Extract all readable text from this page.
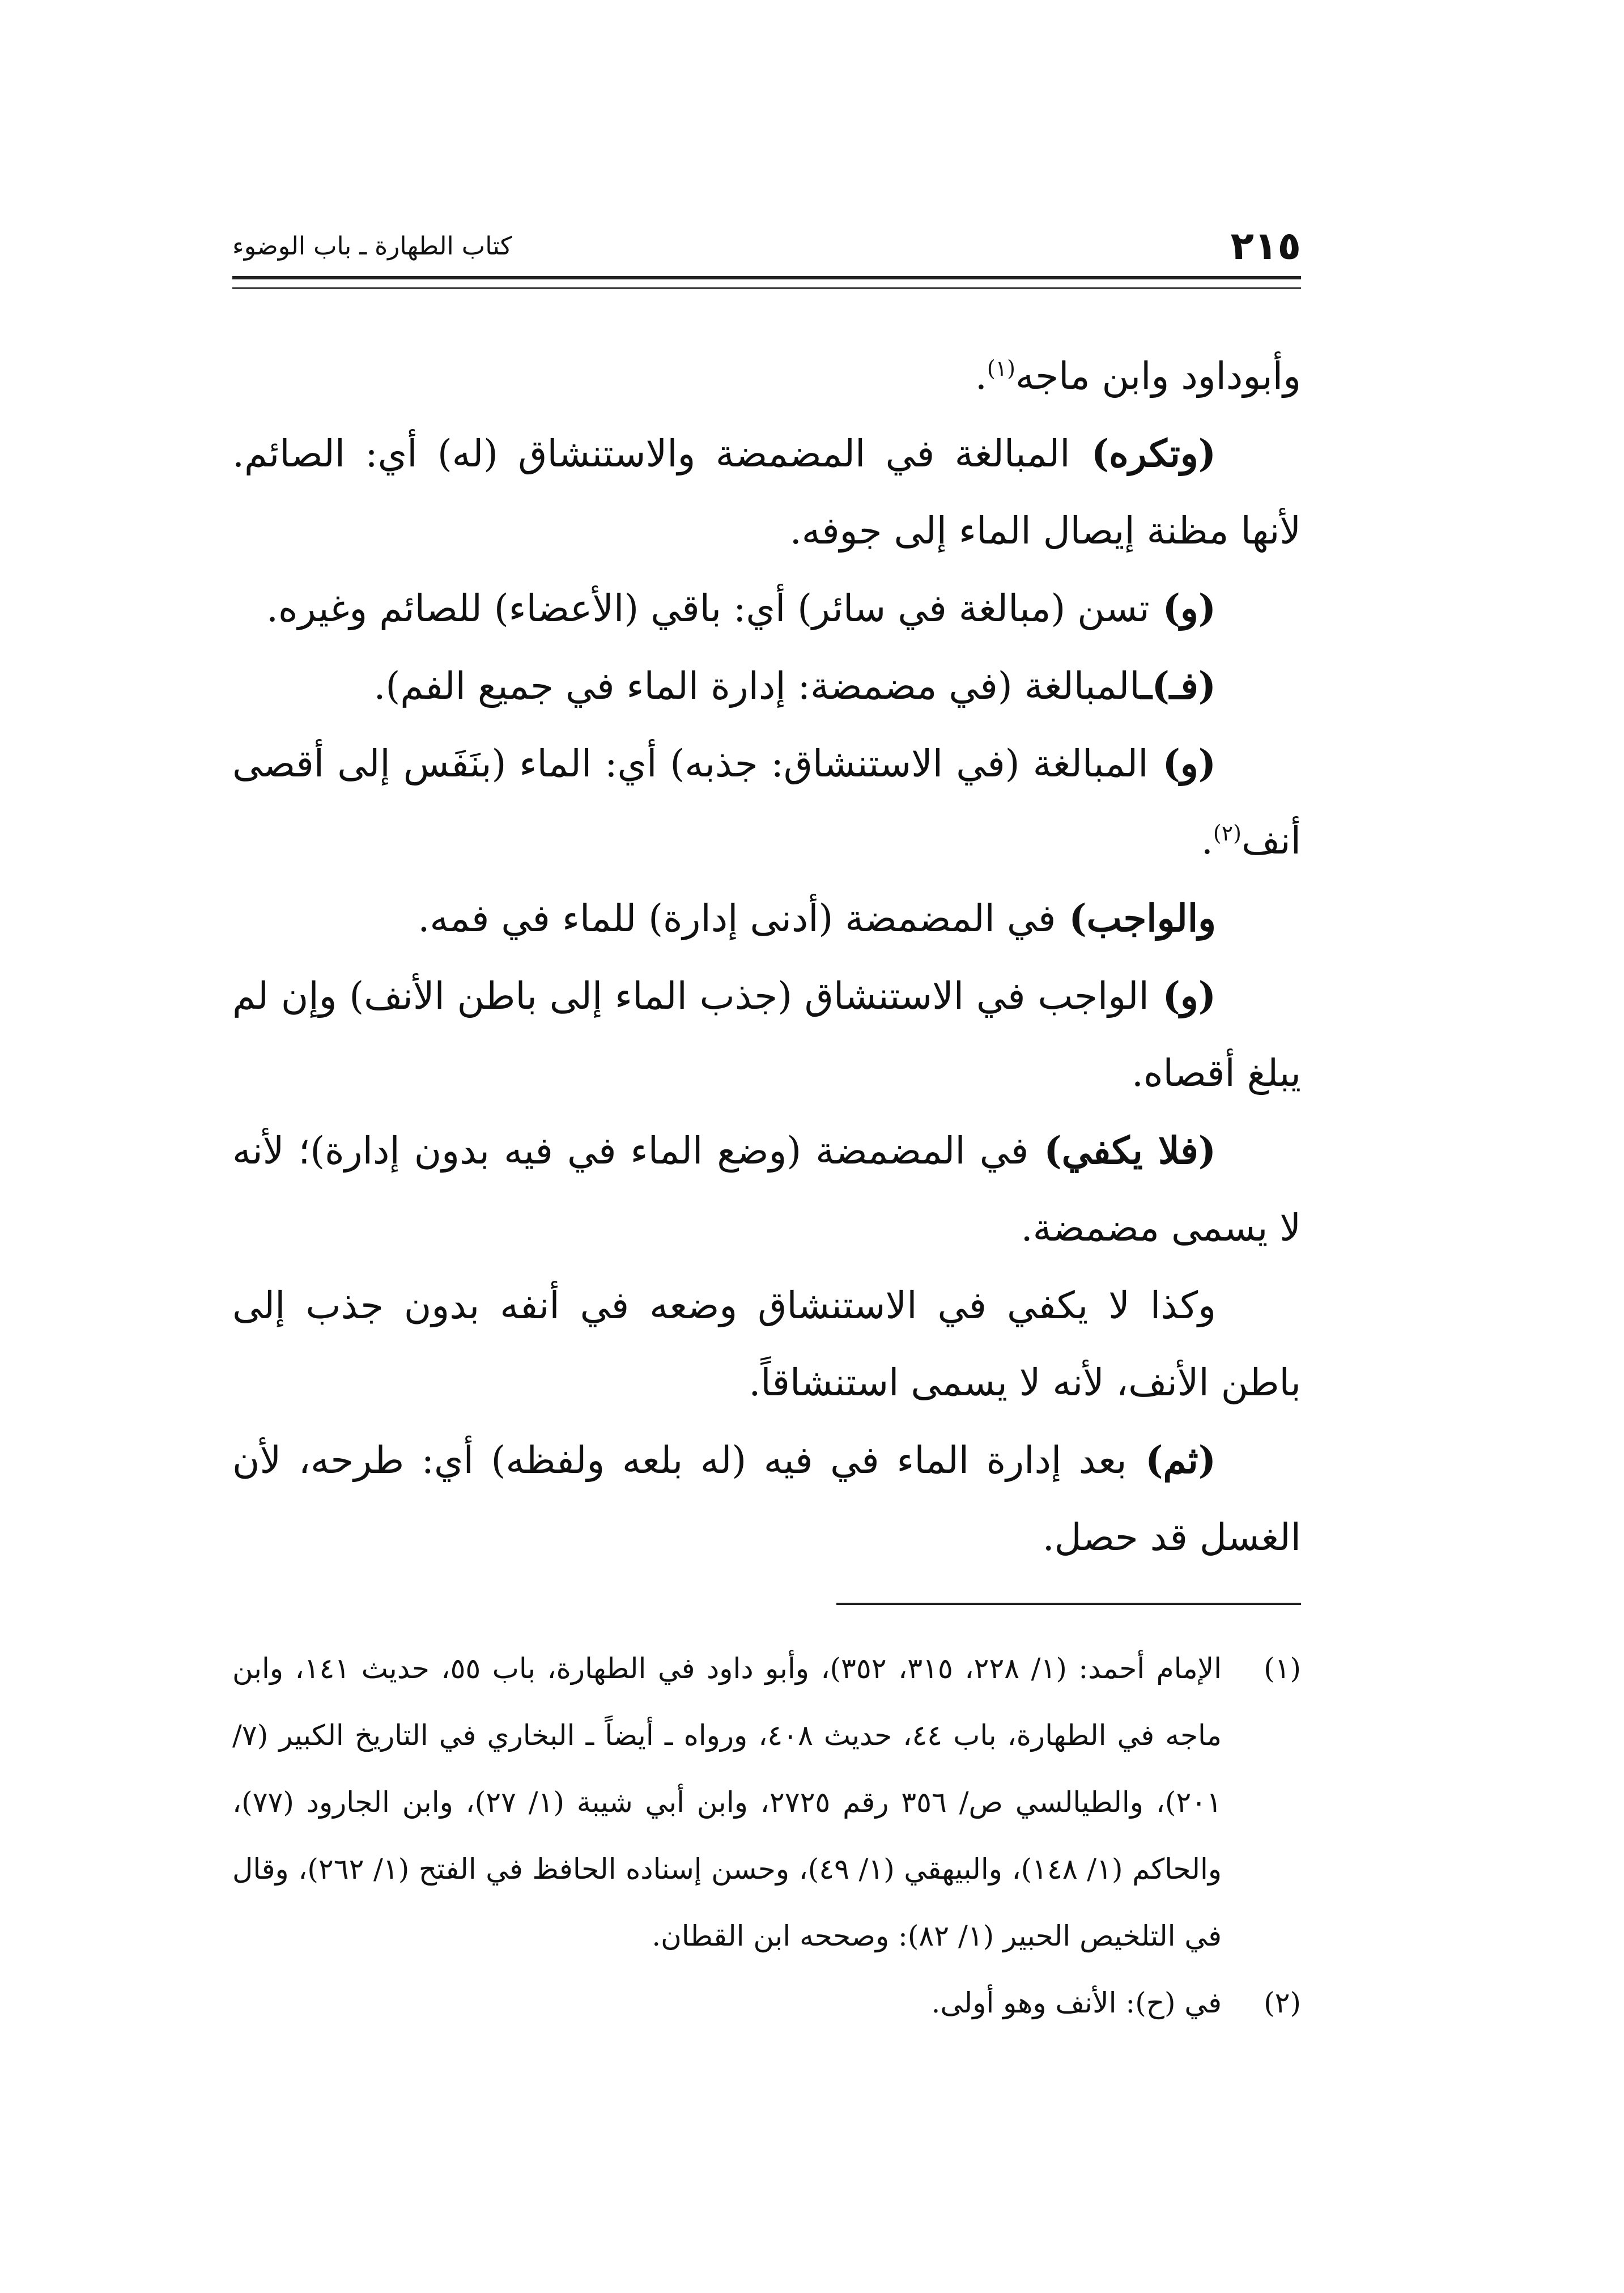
٢١٥
كتاب الطهارة ـ باب الوضوء

وأبوداود وابن ماجه$^{(١)}$.

(وتكره) المبالغة في المضمضة والاستنشاق (له) أي: الصائم. لأنها مظنة إيصال الماء إلى جوفه.

(و) تسن (مبالغة في سائر) أي: باقي (الأعضاء) للصائم وغيره.

(فـ)ـالمبالغة (في مضمضة: إدارة الماء في جميع الفم).

(و) المبالغة (في الاستنشاق: جذبه) أي: الماء (بنَفَس إلى أقصى أنف$^{(٢)}$.

والواجب) في المضمضة (أدنى إدارة) للماء في فمه.

(و) الواجب في الاستنشاق (جذب الماء إلى باطن الأنف) وإن لم يبلغ أقصاه.

(فلا يكفي) في المضمضة (وضع الماء في فيه بدون إدارة)؛ لأنه لا يسمى مضمضة.

وكذا لا يكفي في الاستنشاق وضعه في أنفه بدون جذب إلى باطن الأنف، لأنه لا يسمى استنشاقاً.

(ثم) بعد إدارة الماء في فيه (له بلعه ولفظه) أي: طرحه، لأن الغسل قد حصل.

(١)
الإمام أحمد: (١/ ٢٢٨، ٣١٥، ٣٥٢)، وأبو داود في الطهارة، باب ٥٥، حديث ١٤١، وابن ماجه في الطهارة، باب ٤٤، حديث ٤٠٨، ورواه ـ أيضاً ـ البخاري في التاريخ الكبير (٧/ ٢٠١)، والطيالسي ص/ ٣٥٦ رقم ٢٧٢٥، وابن أبي شيبة (١/ ٢٧)، وابن الجارود (٧٧)، والحاكم (١/ ١٤٨)، والبيهقي (١/ ٤٩)، وحسن إسناده الحافظ في الفتح (١/ ٢٦٢)، وقال في التلخيص الحبير (١/ ٨٢): وصححه ابن القطان.

(٢)
في (ح): الأنف وهو أولى.
